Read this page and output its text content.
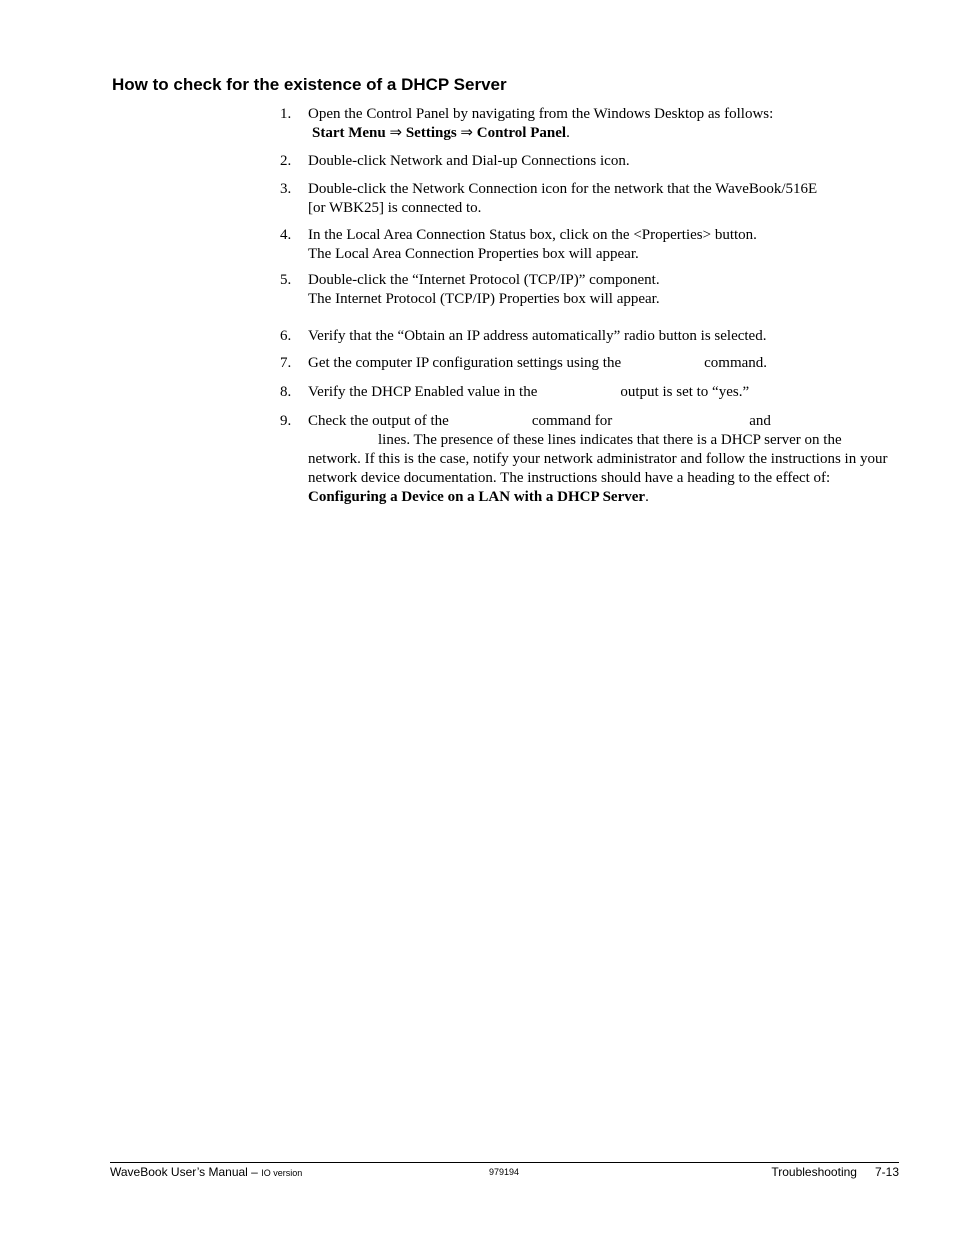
How to check for the existence of a DHCP Server
1. Open the Control Panel by navigating from the Windows Desktop as follows:
Start Menu ⇒ Settings ⇒ Control Panel.
2. Double-click Network and Dial-up Connections icon.
3. Double-click the Network Connection icon for the network that the WaveBook/516E
[or WBK25] is connected to.
4. In the Local Area Connection Status box, click on the <Properties> button.
The Local Area Connection Properties box will appear.
5. Double-click the “Internet Protocol (TCP/IP)” component.
The Internet Protocol (TCP/IP) Properties box will appear.
6. Verify that the “Obtain an IP address automatically” radio button is selected.
7. Get the computer IP configuration settings using the	command.
8. Verify the DHCP Enabled value in the	output is set to “yes.”
9. Check the output of the	command for	and
lines. The presence of these lines indicates that there is a DHCP server on the network. If this is the case, notify your network administrator and follow the instructions in your network device documentation. The instructions should have a heading to the effect of:
Configuring a Device on a LAN with a DHCP Server.
WaveBook User’s Manual – IO version	979194	Troubleshooting 7-13
